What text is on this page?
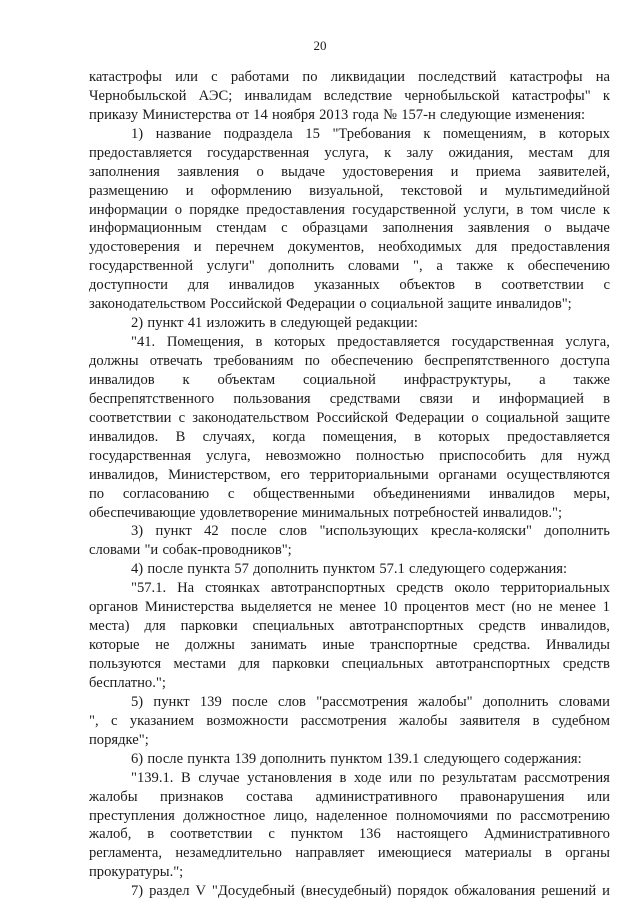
20
катастрофы или с работами по ликвидации последствий катастрофы на
Чернобыльской АЭС; инвалидам вследствие чернобыльской катастрофы" к
приказу Министерства от 14 ноября 2013 года № 157-н следующие изменения:
1) название подраздела 15 "Требования к помещениям, в которых
предоставляется государственная услуга, к залу ожидания, местам для
заполнения заявления о выдаче удостоверения и приема заявителей,
размещению и оформлению визуальной, текстовой и мультимедийной
информации о порядке предоставления государственной услуги, в том числе к
информационным стендам с образцами заполнения заявления о выдаче
удостоверения и перечнем документов, необходимых для предоставления
государственной услуги" дополнить словами ", а также к обеспечению
доступности для инвалидов указанных объектов в соответствии с
законодательством Российской Федерации о социальной защите инвалидов";
2) пункт 41 изложить в следующей редакции:
"41. Помещения, в которых предоставляется государственная услуга,
должны отвечать требованиям по обеспечению беспрепятственного доступа
инвалидов к объектам социальной инфраструктуры, а также
беспрепятственного пользования средствами связи и информацией в
соответствии с законодательством Российской Федерации о социальной защите
инвалидов. В случаях, когда помещения, в которых предоставляется
государственная услуга, невозможно полностью приспособить для нужд
инвалидов, Министерством, его территориальными органами осуществляются
по согласованию с общественными объединениями инвалидов меры,
обеспечивающие удовлетворение минимальных потребностей инвалидов.";
3) пункт 42 после слов "использующих кресла-коляски" дополнить
словами "и собак-проводников";
4) после пункта 57 дополнить пунктом 57.1 следующего содержания:
"57.1. На стоянках автотранспортных средств около территориальных
органов Министерства выделяется не менее 10 процентов мест (но не менее 1
места) для парковки специальных автотранспортных средств инвалидов,
которые не должны занимать иные транспортные средства. Инвалиды
пользуются местами для парковки специальных автотранспортных средств
бесплатно.";
5) пункт 139 после слов "рассмотрения жалобы" дополнить словами
", с указанием возможности рассмотрения жалобы заявителя в судебном
порядке";
6) после пункта 139 дополнить пунктом 139.1 следующего содержания:
"139.1. В случае установления в ходе или по результатам рассмотрения
жалобы признаков состава административного правонарушения или
преступления должностное лицо, наделенное полномочиями по рассмотрению
жалоб, в соответствии с пунктом 136 настоящего Административного
регламента, незамедлительно направляет имеющиеся материалы в органы
прокуратуры.";
7) раздел V "Досудебный (внесудебный) порядок обжалования решений и
